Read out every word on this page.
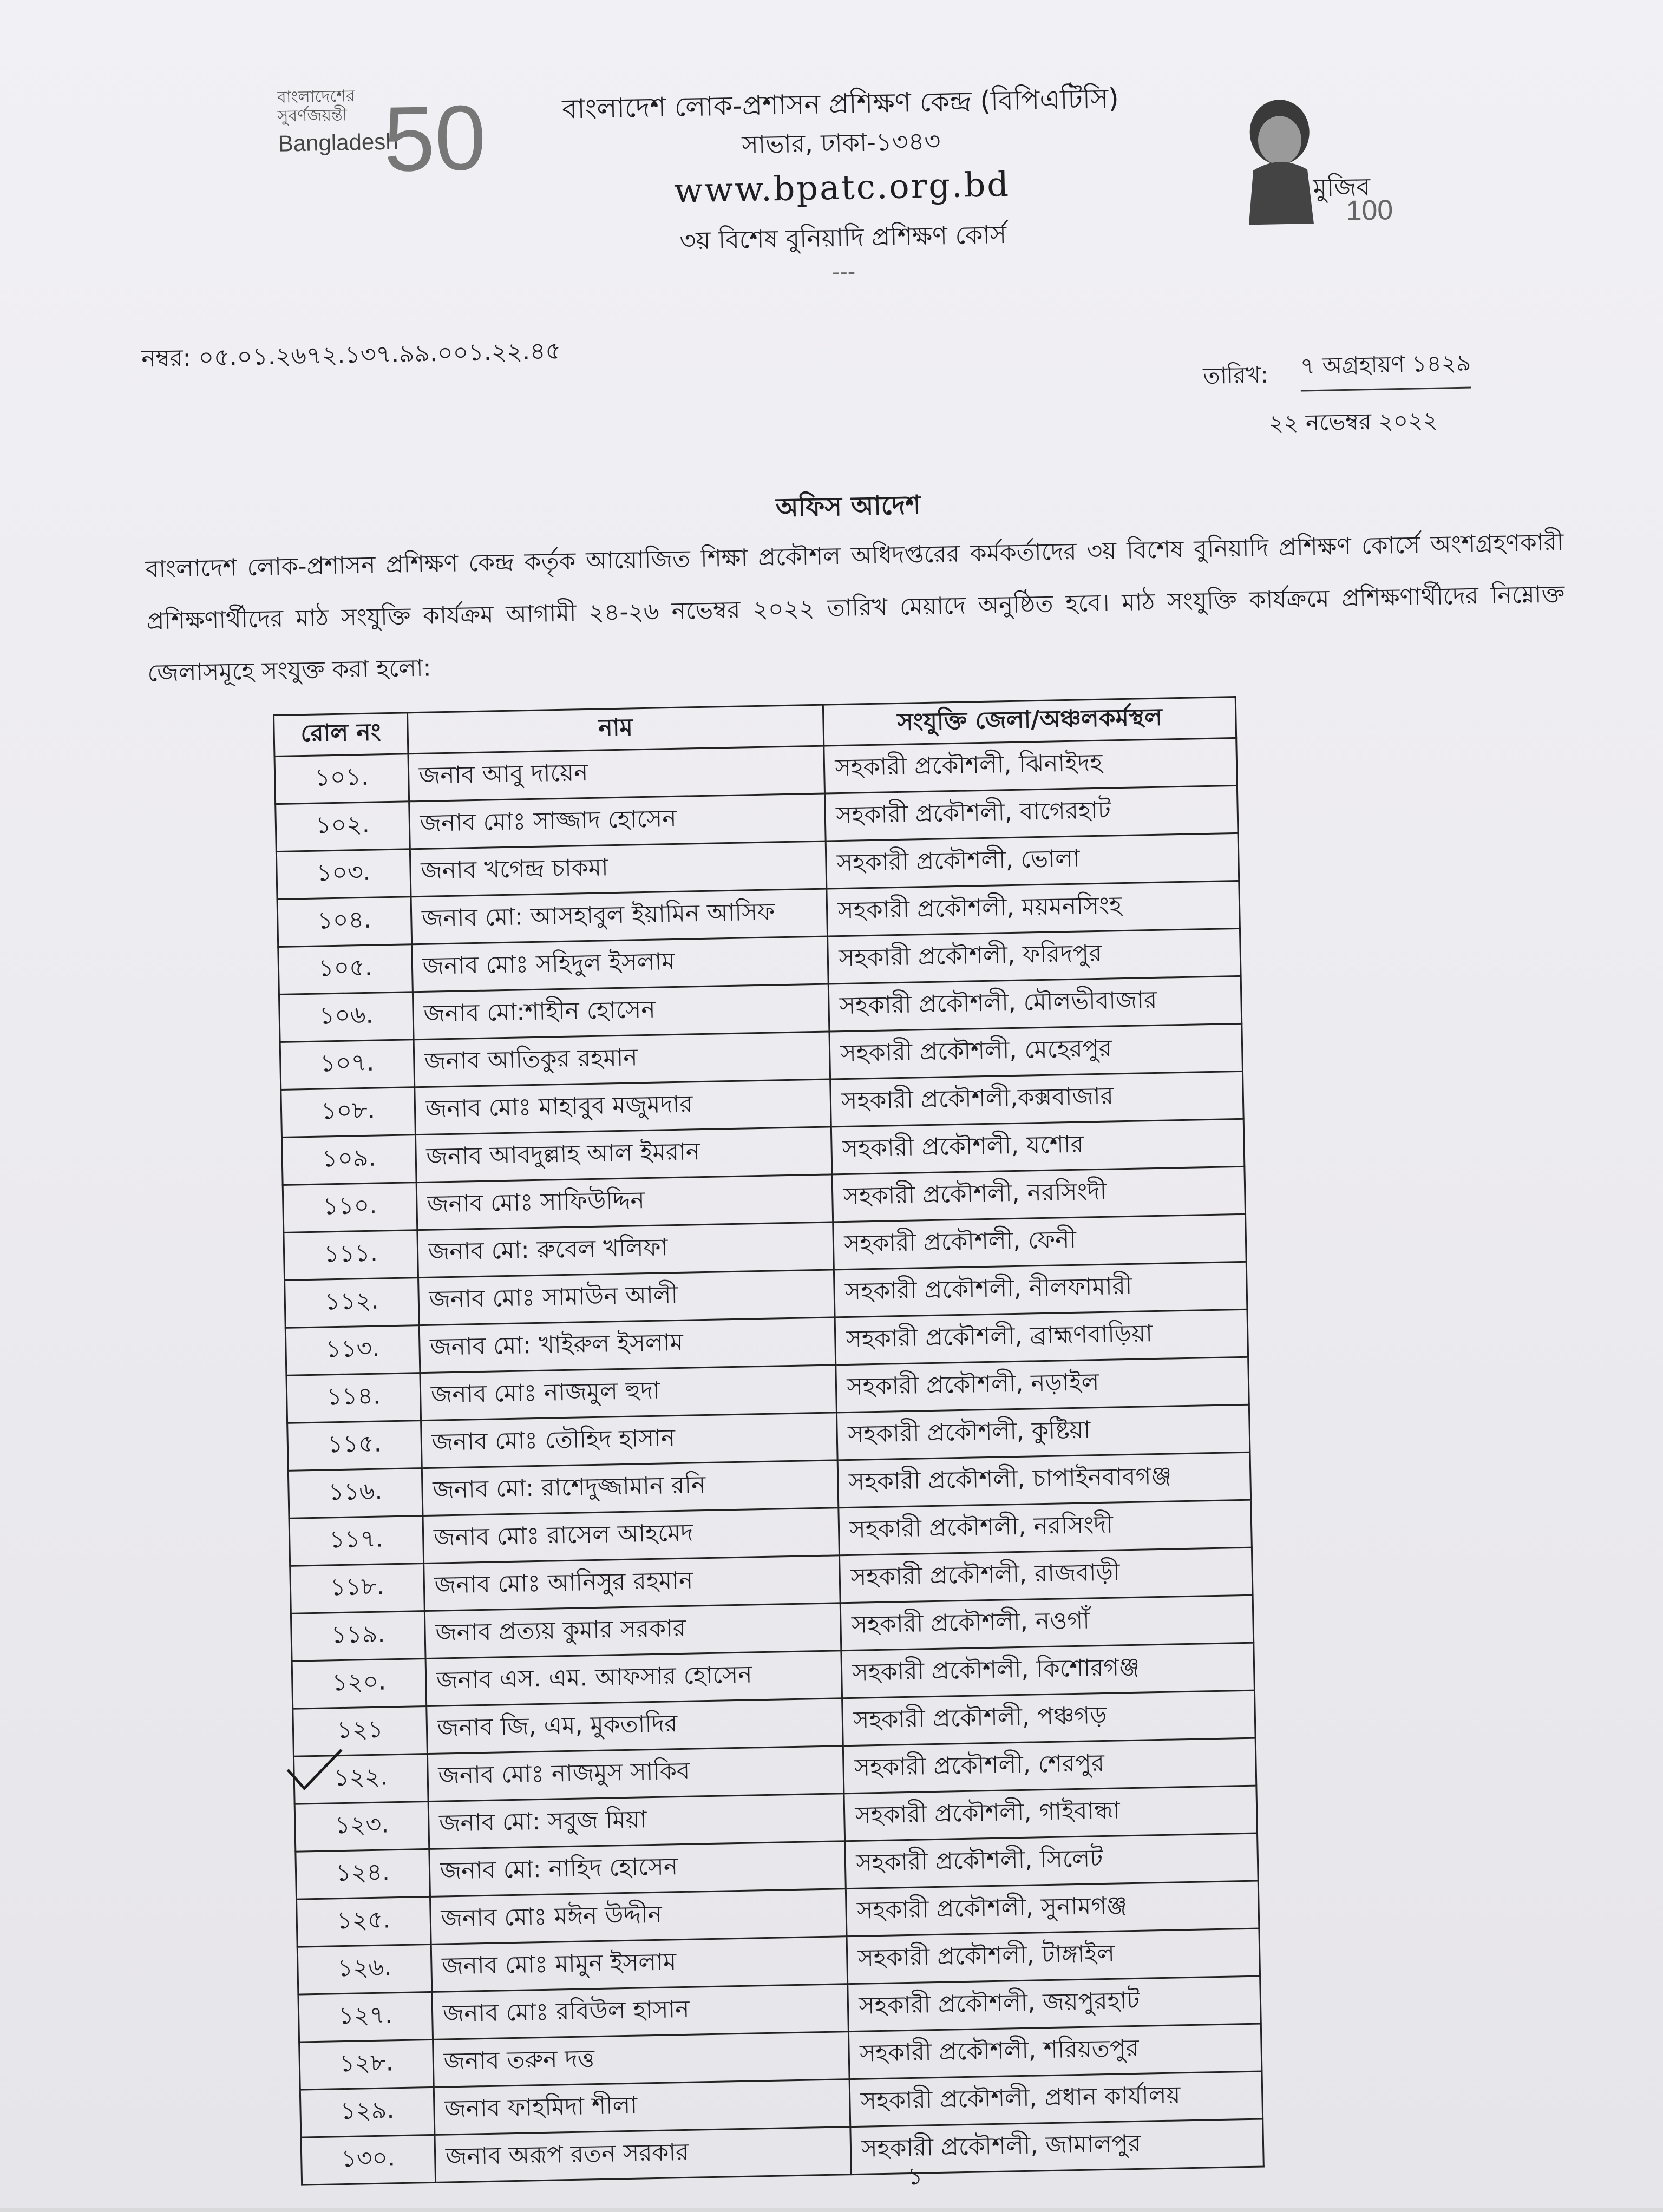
বাংলাদেশের
সুবর্ণজয়ন্তী
Bangladesh
50	বাংলাদেশ লোক-প্রশাসন প্রশিক্ষণ কেন্দ্র (বিপিএটিসি)
সাভার, ঢাকা-১৩৪৩
www.bpatc.org.bd
৩য় বিশেষ বুনিয়াদি প্রশিক্ষণ কোর্স
---
মুজিব
100
নম্বর: ০৫.০১.২৬৭২.১৩৭.৯৯.০০১.২২.৪৫
তারিখ: ৭ অগ্রহায়ণ ১৪২৯
২২ নভেম্বর ২০২২
অফিস আদেশ
বাংলাদেশ লোক-প্রশাসন প্রশিক্ষণ কেন্দ্র কর্তৃক আয়োজিত শিক্ষা প্রকৌশল অধিদপ্তরের কর্মকর্তাদের ৩য় বিশেষ বুনিয়াদি প্রশিক্ষণ কোর্সে অংশগ্রহণকারী প্রশিক্ষণার্থীদের মাঠ সংযুক্তি কার্যক্রম আগামী ২৪-২৬ নভেম্বর ২০২২ তারিখ মেয়াদে অনুষ্ঠিত হবে। মাঠ সংযুক্তি কার্যক্রমে প্রশিক্ষণার্থীদের নিম্নোক্ত জেলাসমূহে সংযুক্ত করা হলো:
রোল নং	নাম	সংযুক্তি জেলা/অঞ্চলকর্মস্থল
১০১.	জনাব আবু দায়েন	সহকারী প্রকৌশলী, ঝিনাইদহ
১০২.	জনাব মোঃ সাজ্জাদ হোসেন	সহকারী প্রকৌশলী, বাগেরহাট
১০৩.	জনাব খগেন্দ্র চাকমা	সহকারী প্রকৌশলী, ভোলা
১০৪.	জনাব মো: আসহাবুল ইয়ামিন আসিফ	সহকারী প্রকৌশলী, ময়মনসিংহ
১০৫.	জনাব মোঃ সহিদুল ইসলাম	সহকারী প্রকৌশলী, ফরিদপুর
১০৬.	জনাব মো:শাহীন হোসেন	সহকারী প্রকৌশলী, মৌলভীবাজার
১০৭.	জনাব আতিকুর রহমান	সহকারী প্রকৌশলী, মেহেরপুর
১০৮.	জনাব মোঃ মাহাবুব মজুমদার	সহকারী প্রকৌশলী,কক্সবাজার
১০৯.	জনাব আবদুল্লাহ আল ইমরান	সহকারী প্রকৌশলী, যশোর
১১০.	জনাব মোঃ সাফিউদ্দিন	সহকারী প্রকৌশলী, নরসিংদী
১১১.	জনাব মো: রুবেল খলিফা	সহকারী প্রকৌশলী, ফেনী
১১২.	জনাব মোঃ সামাউন আলী	সহকারী প্রকৌশলী, নীলফামারী
১১৩.	জনাব মো: খাইরুল ইসলাম	সহকারী প্রকৌশলী, ব্রাহ্মণবাড়িয়া
১১৪.	জনাব মোঃ নাজমুল হুদা	সহকারী প্রকৌশলী, নড়াইল
১১৫.	জনাব মোঃ তৌহিদ হাসান	সহকারী প্রকৌশলী, কুষ্টিয়া
১১৬.	জনাব মো: রাশেদুজ্জামান রনি	সহকারী প্রকৌশলী, চাপাইনবাবগঞ্জ
১১৭.	জনাব মোঃ রাসেল আহমেদ	সহকারী প্রকৌশলী, নরসিংদী
১১৮.	জনাব মোঃ আনিসুর রহমান	সহকারী প্রকৌশলী, রাজবাড়ী
১১৯.	জনাব প্রত্যয় কুমার সরকার	সহকারী প্রকৌশলী, নওগাঁ
১২০.	জনাব এস. এম. আফসার হোসেন	সহকারী প্রকৌশলী, কিশোরগঞ্জ
১২১	জনাব জি, এম, মুকতাদির	সহকারী প্রকৌশলী, পঞ্চগড়
১২২.	জনাব মোঃ নাজমুস সাকিব	সহকারী প্রকৌশলী, শেরপুর
১২৩.	জনাব মো: সবুজ মিয়া	সহকারী প্রকৌশলী, গাইবান্ধা
১২৪.	জনাব মো: নাহিদ হোসেন	সহকারী প্রকৌশলী, সিলেট
১২৫.	জনাব মোঃ মঈন উদ্দীন	সহকারী প্রকৌশলী, সুনামগঞ্জ
১২৬.	জনাব মোঃ মামুন ইসলাম	সহকারী প্রকৌশলী, টাঙ্গাইল
১২৭.	জনাব মোঃ রবিউল হাসান	সহকারী প্রকৌশলী, জয়পুরহাট
১২৮.	জনাব তরুন দত্ত	সহকারী প্রকৌশলী, শরিয়তপুর
১২৯.	জনাব ফাহমিদা শীলা	সহকারী প্রকৌশলী, প্রধান কার্যালয়
১৩০.	জনাব অরূপ রতন সরকার	সহকারী প্রকৌশলী, জামালপুর
১
